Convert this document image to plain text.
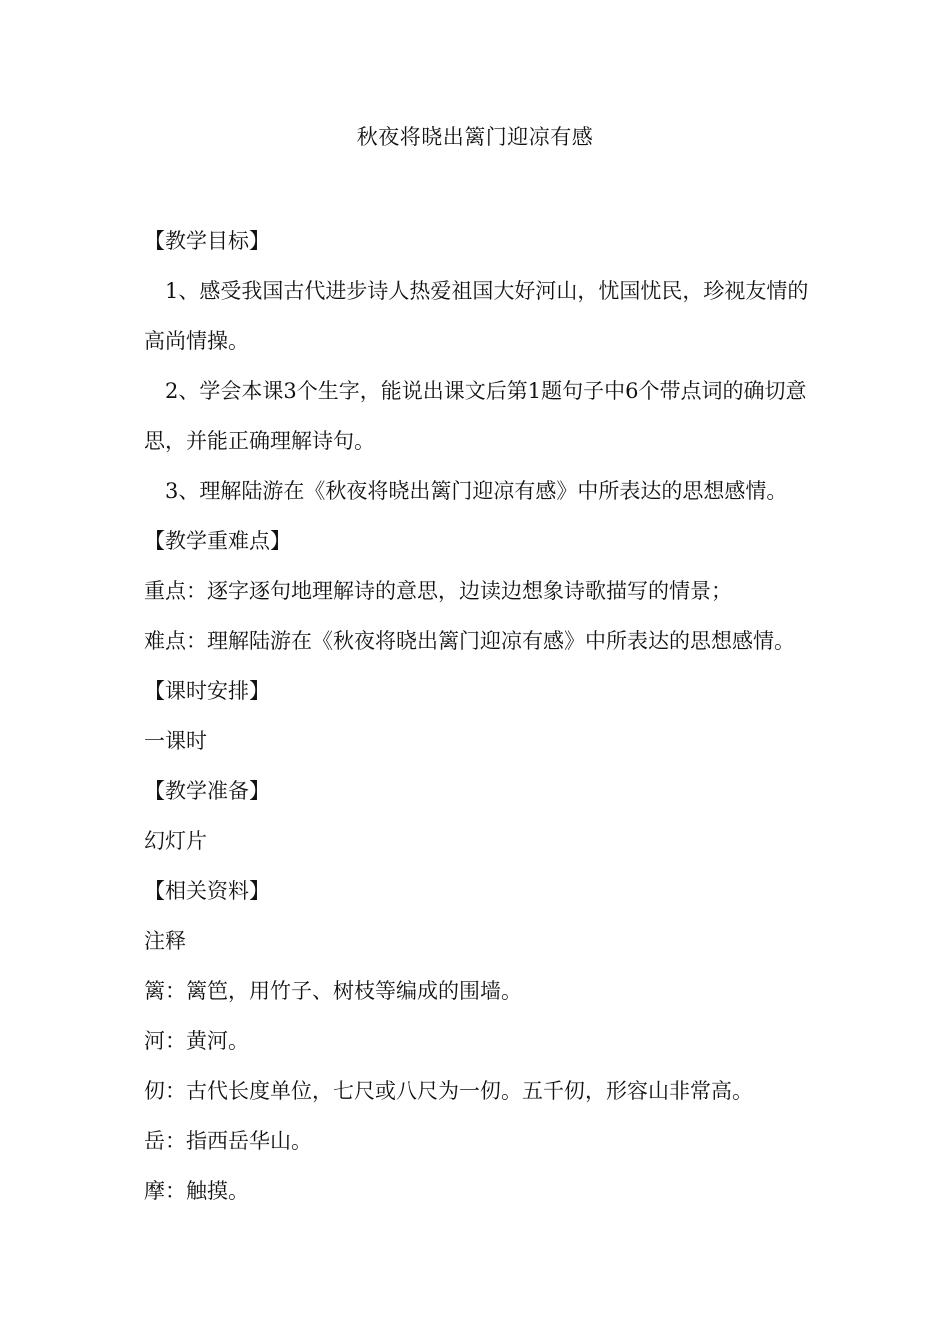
秋夜将晓出篱门迎凉有感
【教学目标】
1、感受我国古代进步诗人热爱祖国大好河山，忧国忧民，珍视友情的高尚情操。
2、学会本课3个生字，能说出课文后第1题句子中6个带点词的确切意思，并能正确理解诗句。
3、理解陆游在《秋夜将晓出篱门迎凉有感》中所表达的思想感情。
【教学重难点】
重点：逐字逐句地理解诗的意思，边读边想象诗歌描写的情景；
难点：理解陆游在《秋夜将晓出篱门迎凉有感》中所表达的思想感情。
【课时安排】
一课时
【教学准备】
幻灯片
【相关资料】
注释
篱：篱笆，用竹子、树枝等编成的围墙。
河：黄河。
仞：古代长度单位，七尺或八尺为一仞。五千仞，形容山非常高。
岳：指西岳华山。
摩：触摸。
